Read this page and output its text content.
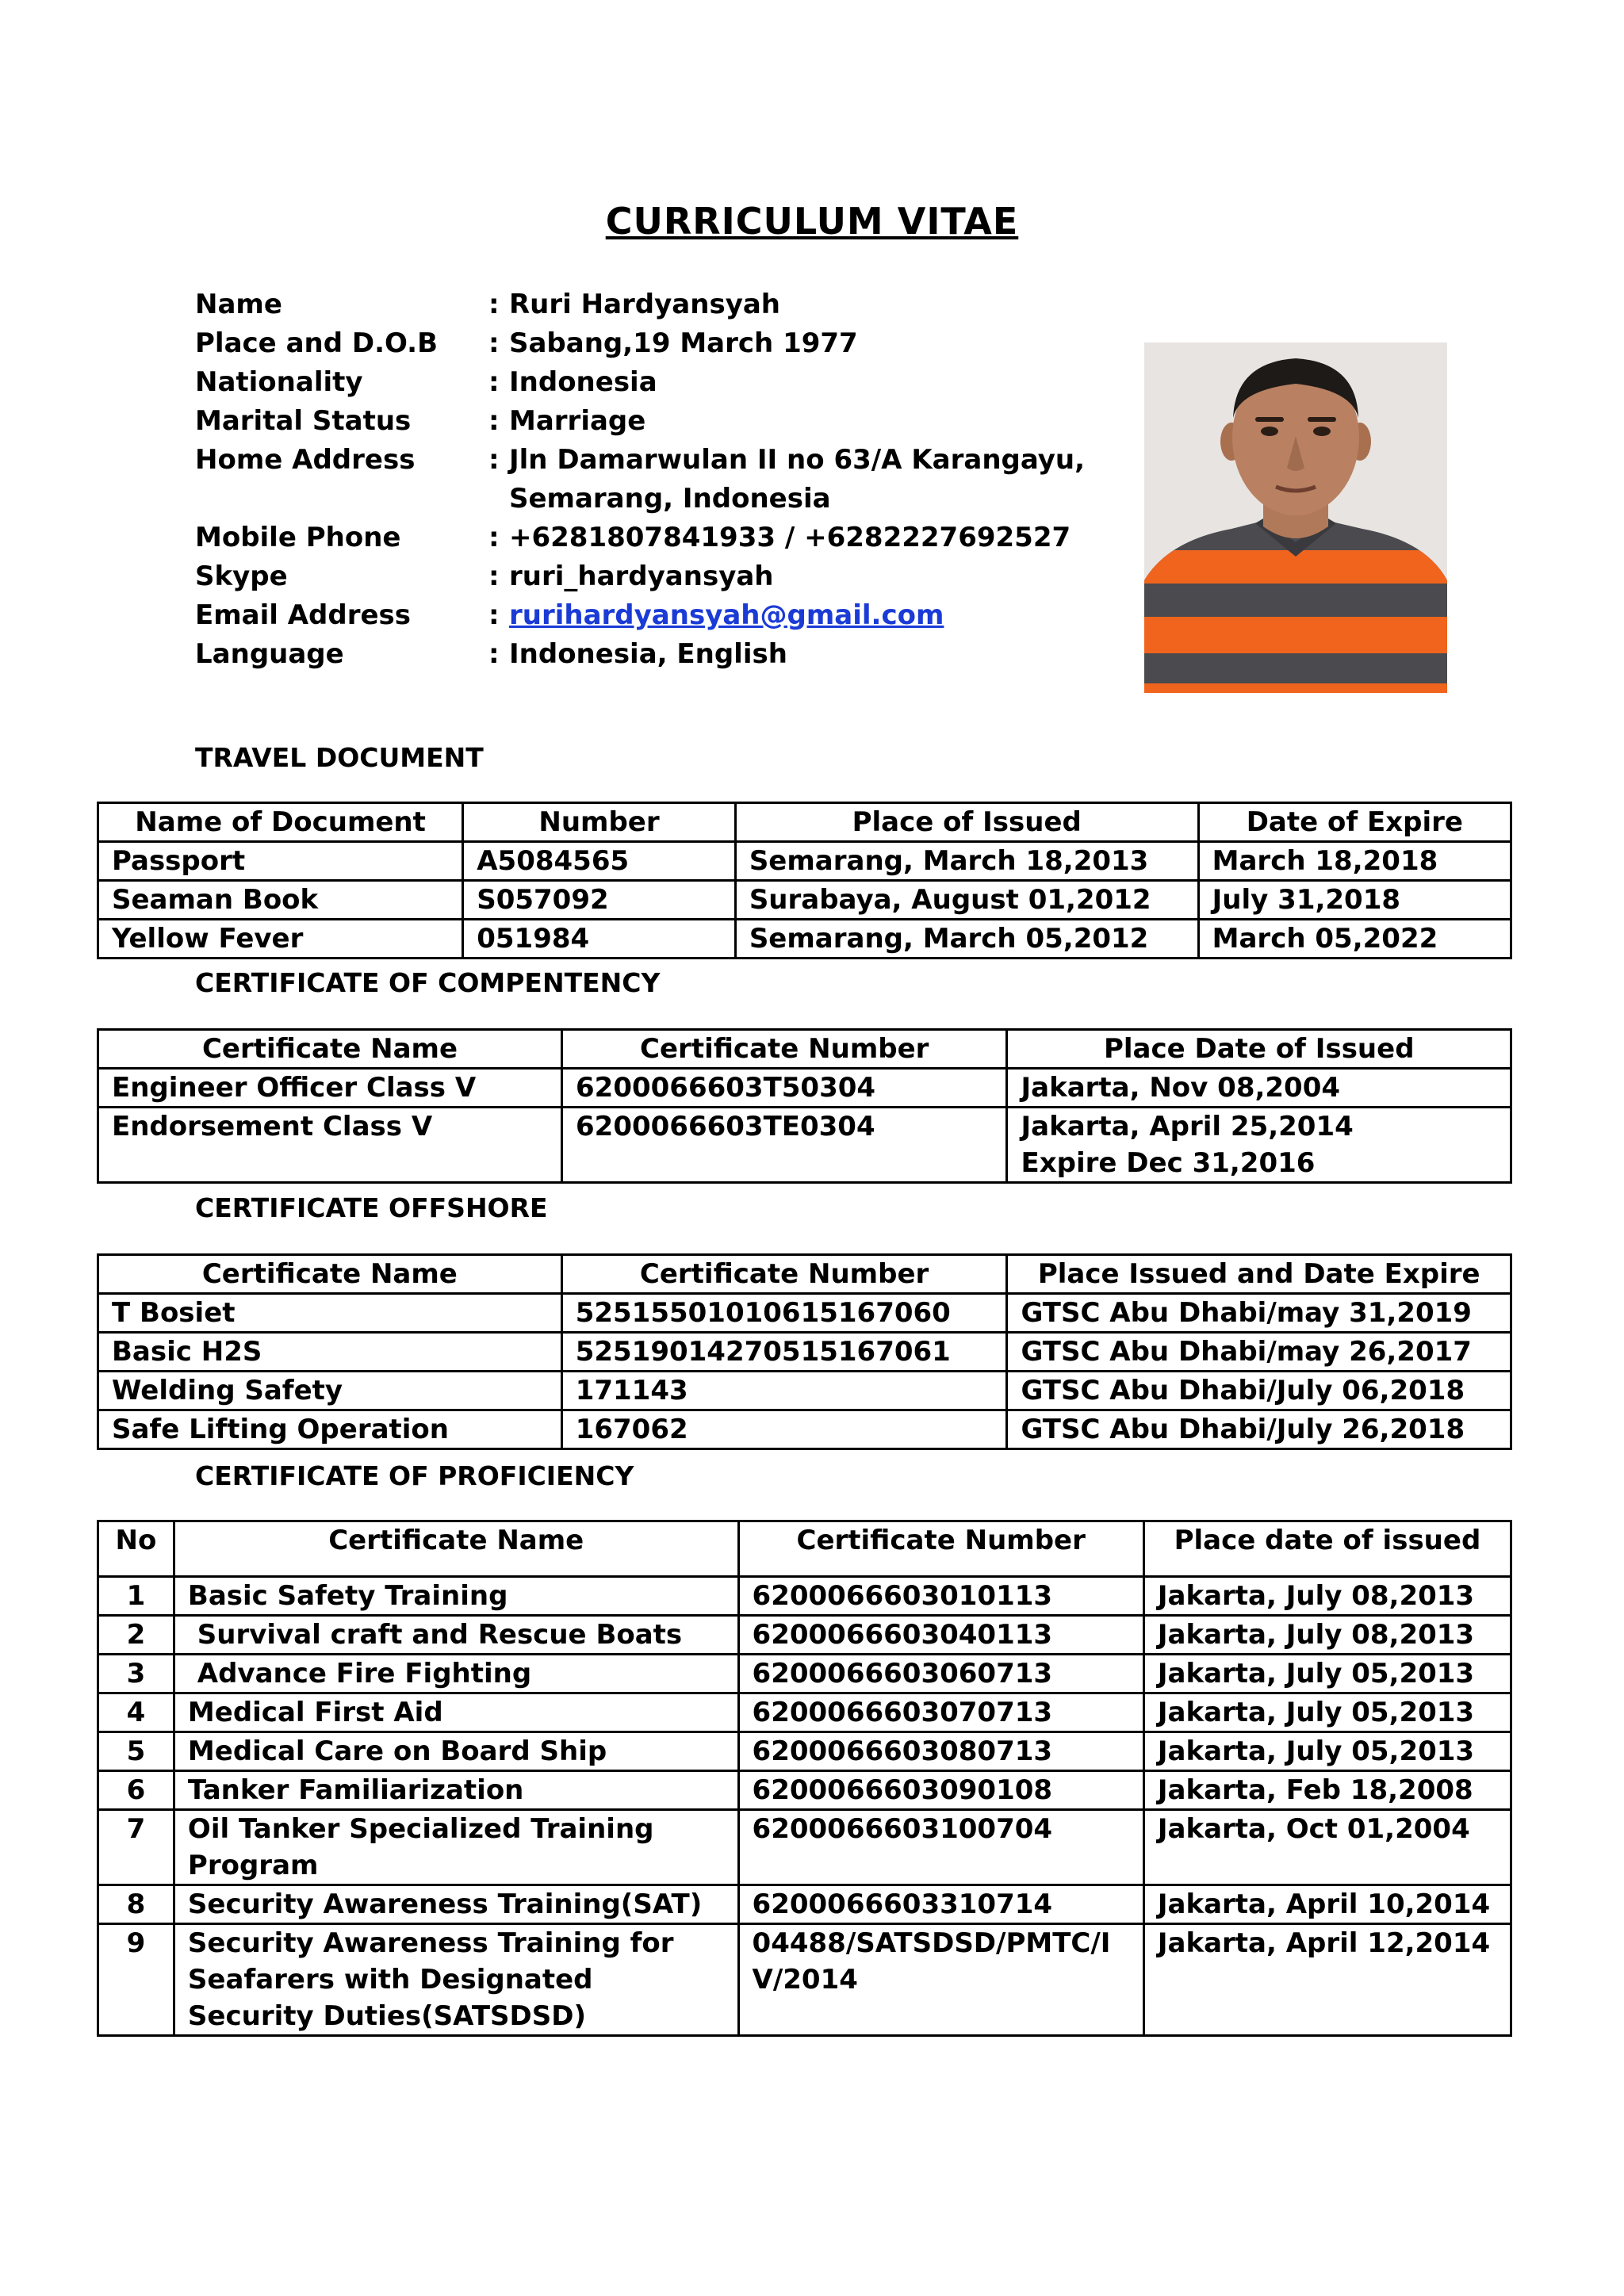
CURRICULUM VITAE
Name	: Ruri Hardyansyah
Place and D.O.B	: Sabang,19 March 1977
Nationality	: Indonesia
Marital Status	: Marriage
Home Address	: Jln Damarwulan II no 63/A Karangayu,
Semarang, Indonesia
Mobile Phone	: +6281807841933 / +6282227692527
Skype	: ruri_hardyansyah
Email Address	: rurihardyansyah@gmail.com
Language	: Indonesia, English
TRAVEL DOCUMENT
Name of Document	Number	Place of Issued	Date of Expire
Passport	A5084565	Semarang, March 18,2013	March 18,2018
Seaman Book	S057092	Surabaya, August 01,2012	July 31,2018
Yellow Fever	051984	Semarang, March 05,2012	March 05,2022
CERTIFICATE OF COMPENTENCY
Certificate Name	Certificate Number	Place Date of Issued
Engineer Officer Class V	6200066603T50304	Jakarta, Nov 08,2004
Endorsement Class V	6200066603TE0304	Jakarta, April 25,2014
Expire Dec 31,2016
CERTIFICATE OFFSHORE
Certificate Name	Certificate Number	Place Issued and Date Expire
T Bosiet	52515501010615167060	GTSC Abu Dhabi/may 31,2019
Basic H2S	52519014270515167061	GTSC Abu Dhabi/may 26,2017
Welding Safety	171143	GTSC Abu Dhabi/July 06,2018
Safe Lifting Operation	167062	GTSC Abu Dhabi/July 26,2018
CERTIFICATE OF PROFICIENCY
No	Certificate Name	Certificate Number	Place date of issued
1	Basic Safety Training	6200066603010113	Jakarta, July 08,2013
2	Survival craft and Rescue Boats	6200066603040113	Jakarta, July 08,2013
3	Advance Fire Fighting	6200066603060713	Jakarta, July 05,2013
4	Medical First Aid	6200066603070713	Jakarta, July 05,2013
5	Medical Care on Board Ship	6200066603080713	Jakarta, July 05,2013
6	Tanker Familiarization	6200066603090108	Jakarta, Feb 18,2008
7	Oil Tanker Specialized Training Program	6200066603100704	Jakarta, Oct 01,2004
8	Security Awareness Training(SAT)	6200066603310714	Jakarta, April 10,2014
9	Security Awareness Training for Seafarers with Designated Security Duties(SATSDSD)	04488/SATSDSD/PMTC/IV/2014	Jakarta, April 12,2014
